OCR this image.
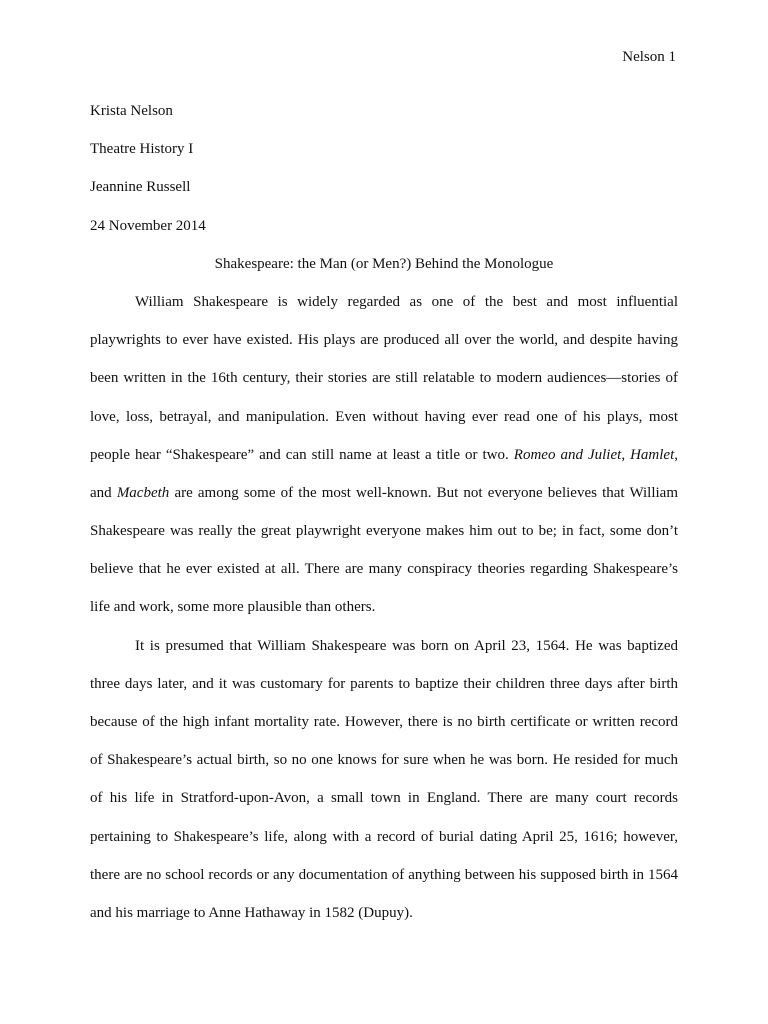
Nelson 1
Krista Nelson
Theatre History I
Jeannine Russell
24 November 2014
Shakespeare: the Man (or Men?) Behind the Monologue
William Shakespeare is widely regarded as one of the best and most influential
playwrights to ever have existed. His plays are produced all over the world, and despite having
been written in the 16th century, their stories are still relatable to modern audiences—stories of
love, loss, betrayal, and manipulation. Even without having ever read one of his plays, most
people hear “Shakespeare” and can still name at least a title or two. Romeo and Juliet, Hamlet,
and Macbeth are among some of the most well-known. But not everyone believes that William
Shakespeare was really the great playwright everyone makes him out to be; in fact, some don’t
believe that he ever existed at all. There are many conspiracy theories regarding Shakespeare’s
life and work, some more plausible than others.
It is presumed that William Shakespeare was born on April 23, 1564. He was baptized
three days later, and it was customary for parents to baptize their children three days after birth
because of the high infant mortality rate. However, there is no birth certificate or written record
of Shakespeare’s actual birth, so no one knows for sure when he was born. He resided for much
of his life in Stratford-upon-Avon, a small town in England. There are many court records
pertaining to Shakespeare’s life, along with a record of burial dating April 25, 1616; however,
there are no school records or any documentation of anything between his supposed birth in 1564
and his marriage to Anne Hathaway in 1582 (Dupuy).
